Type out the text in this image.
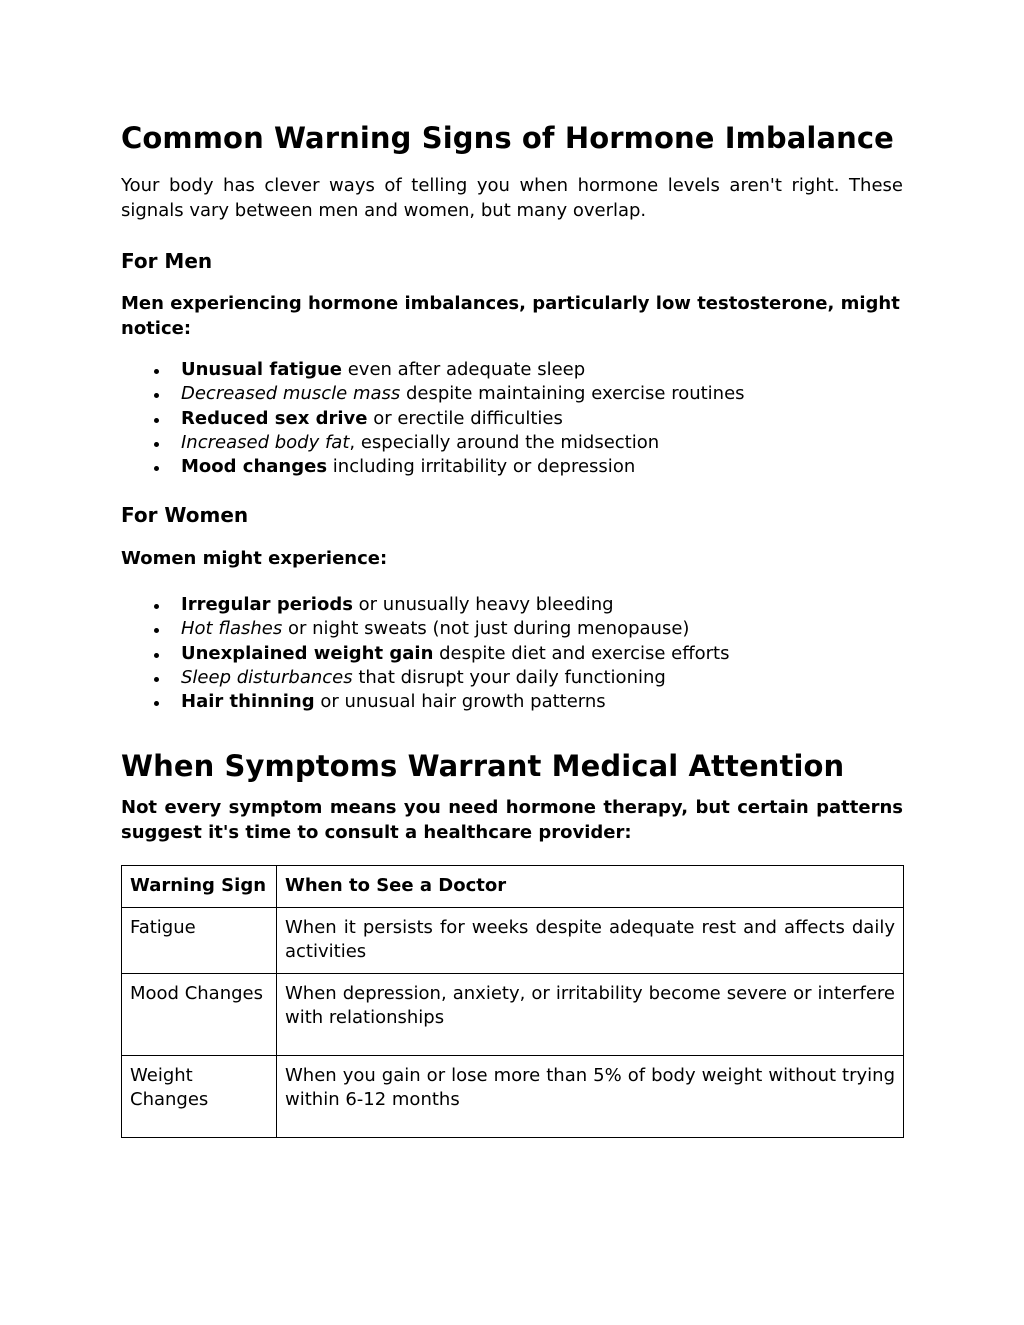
Common Warning Signs of Hormone Imbalance

Your body has clever ways of telling you when hormone levels aren't right. These signals vary between men and women, but many overlap.

For Men

Men experiencing hormone imbalances, particularly low testosterone, might notice:

Unusual fatigue even after adequate sleep
Decreased muscle mass despite maintaining exercise routines
Reduced sex drive or erectile difficulties
Increased body fat, especially around the midsection
Mood changes including irritability or depression
For Women

Women might experience:

Irregular periods or unusually heavy bleeding
Hot flashes or night sweats (not just during menopause)
Unexplained weight gain despite diet and exercise efforts
Sleep disturbances that disrupt your daily functioning
Hair thinning or unusual hair growth patterns
When Symptoms Warrant Medical Attention

Not every symptom means you need hormone therapy, but certain patterns suggest it's time to consult a healthcare provider:

Warning Sign	When to See a Doctor
Fatigue	When it persists for weeks despite adequate rest and affects daily activities
Mood Changes	When depression, anxiety, or irritability become severe or interfere with relationships
Weight Changes	When you gain or lose more than 5% of body weight without trying within 6-12 months
